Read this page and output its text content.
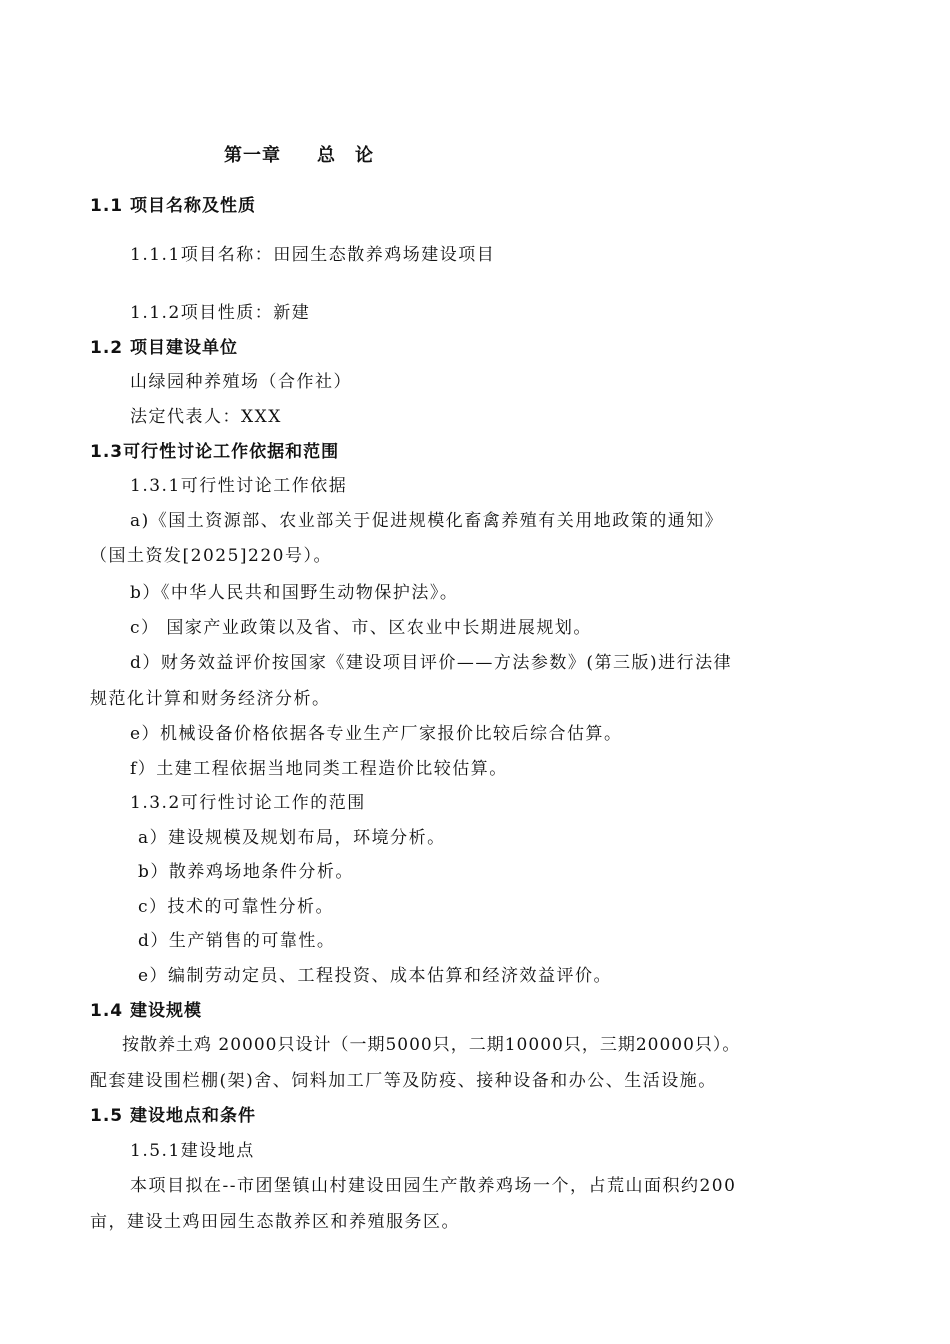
第一章 总　论
1.1 项目名称及性质
1.1.1项目名称：田园生态散养鸡场建设项目
1.1.2项目性质：新建
1.2 项目建设单位
山绿园种养殖场（合作社）
法定代表人：XXX
1.3可行性讨论工作依据和范围
1.3.1可行性讨论工作依据
a)《国土资源部、农业部关于促进规模化畜禽养殖有关用地政策的通知》
（国土资发[2025]220号）。
b）《中华人民共和国野生动物保护法》。
c） 国家产业政策以及省、市、区农业中长期进展规划。
d）财务效益评价按国家《建设项目评价——方法参数》(第三版)进行法律
规范化计算和财务经济分析。
e）机械设备价格依据各专业生产厂家报价比较后综合估算。
f）土建工程依据当地同类工程造价比较估算。
1.3.2可行性讨论工作的范围
a）建设规模及规划布局，环境分析。
b）散养鸡场地条件分析。
c）技术的可靠性分析。
d）生产销售的可靠性。
e）编制劳动定员、工程投资、成本估算和经济效益评价。
1.4 建设规模
按散养土鸡 20000只设计（一期5000只，二期10000只，三期20000只）。
配套建设围栏棚(架)舍、饲料加工厂等及防疫、接种设备和办公、生活设施。
1.5 建设地点和条件
1.5.1建设地点
本项目拟在--市团堡镇山村建设田园生产散养鸡场一个，占荒山面积约200
亩，建设土鸡田园生态散养区和养殖服务区。
